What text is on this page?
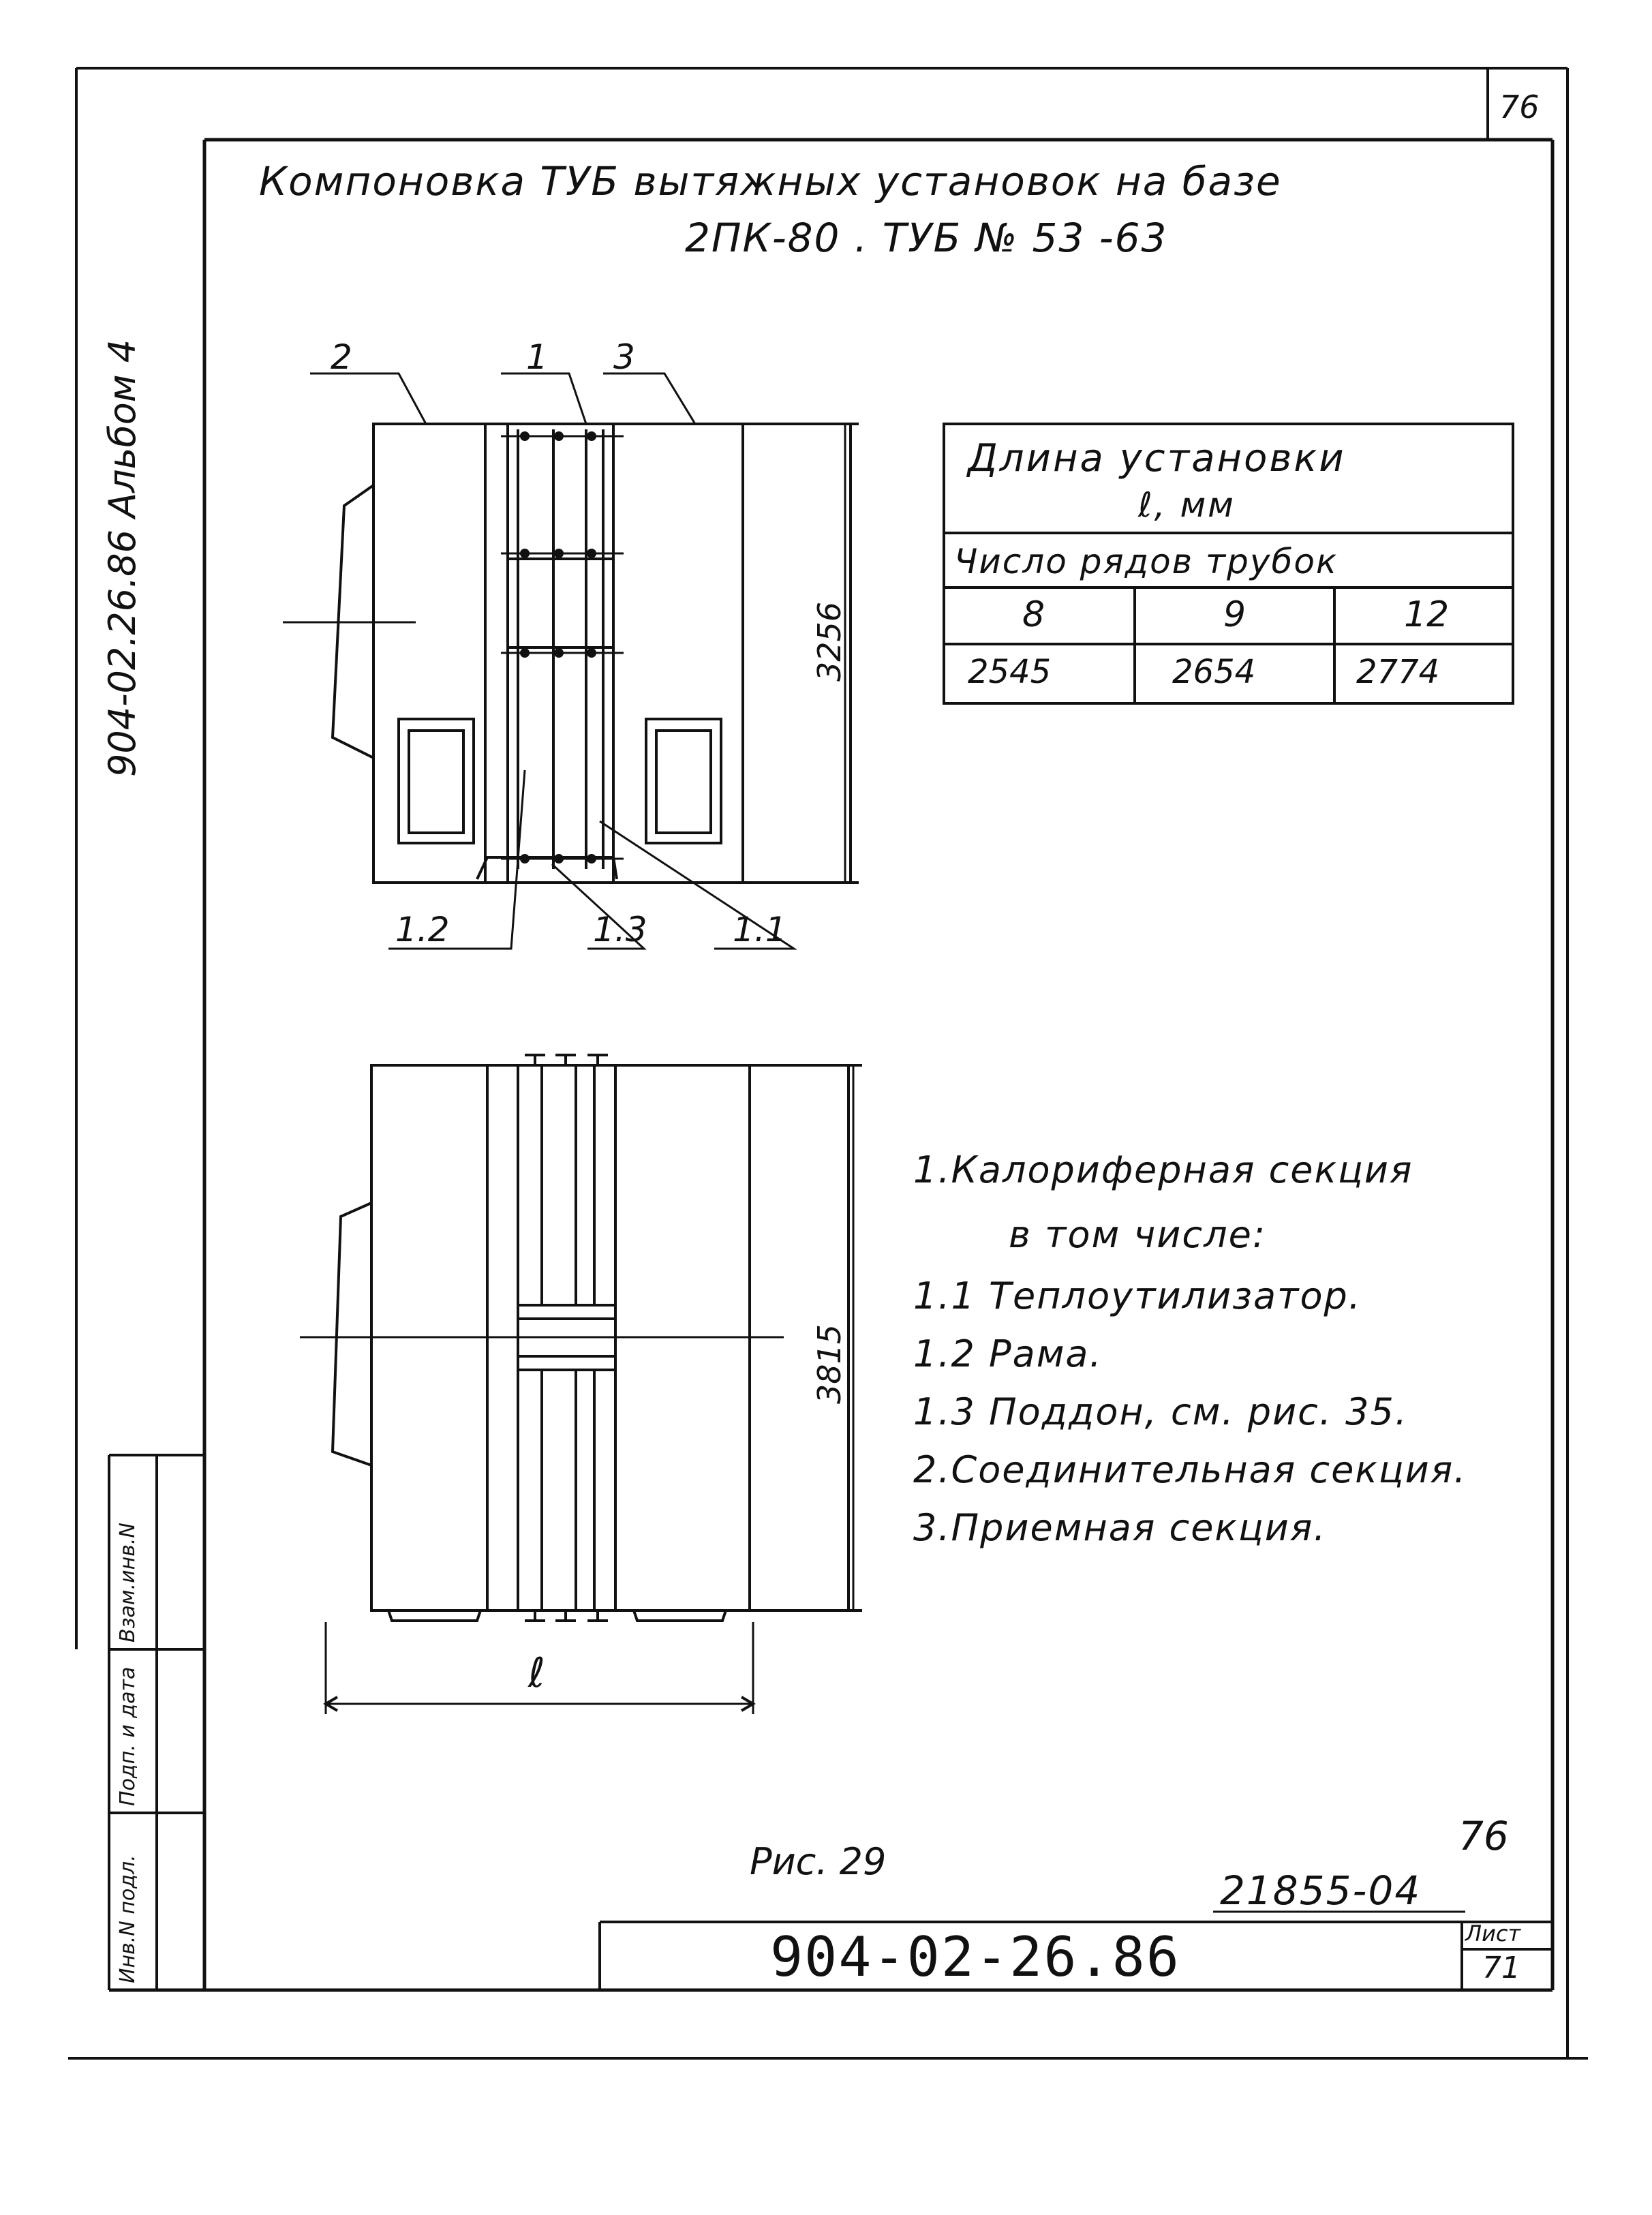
76
Компоновка ТУБ вытяжных установок на базе
2ПК-80 . ТУБ № 53 -63
904-02.26.86 Альбом 4	2	1 3
1.2	1.3	1.1
3256
3815
ℓ
Длина установки
ℓ, мм
Число рядов трубок
8	9	12
2545	2654	2774
1.Калориферная секция
в том числе:
1.1 Теплоутилизатор.
1.2 Рама.
1.3 Поддон, см. рис. 35.
2.Соединительная секция.
3.Приемная секция.
Рис. 29
76
21855-04
904-02-26.86	Лист
71
Инв.N подл.
Подп. и дата
Взам.инв.N
